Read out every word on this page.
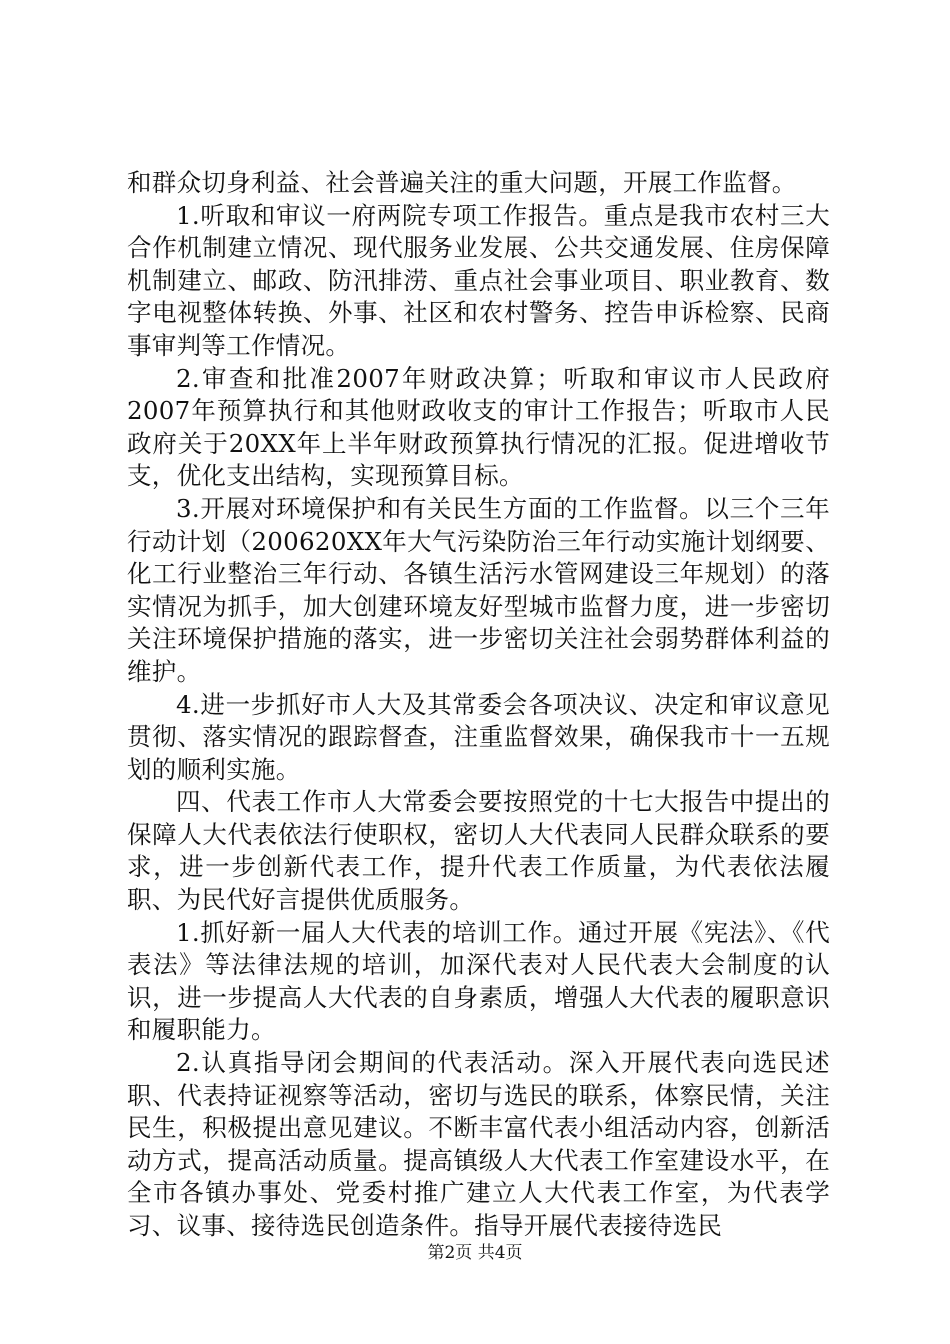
和群众切身利益、社会普遍关注的重大问题，开展工作监督。

1.听取和审议一府两院专项工作报告。重点是我市农村三大合作机制建立情况、现代服务业发展、公共交通发展、住房保障机制建立、邮政、防汛排涝、重点社会事业项目、职业教育、数字电视整体转换、外事、社区和农村警务、控告申诉检察、民商事审判等工作情况。

2.审查和批准2007年财政决算；听取和审议市人民政府2007年预算执行和其他财政收支的审计工作报告；听取市人民政府关于20XX年上半年财政预算执行情况的汇报。促进增收节支，优化支出结构，实现预算目标。

3.开展对环境保护和有关民生方面的工作监督。以三个三年行动计划（200620XX年大气污染防治三年行动实施计划纲要、化工行业整治三年行动、各镇生活污水管网建设三年规划）的落实情况为抓手，加大创建环境友好型城市监督力度，进一步密切关注环境保护措施的落实，进一步密切关注社会弱势群体利益的维护。

4.进一步抓好市人大及其常委会各项决议、决定和审议意见贯彻、落实情况的跟踪督查，注重监督效果，确保我市十一五规划的顺利实施。

四、代表工作市人大常委会要按照党的十七大报告中提出的保障人大代表依法行使职权，密切人大代表同人民群众联系的要求，进一步创新代表工作，提升代表工作质量，为代表依法履职、为民代好言提供优质服务。

1.抓好新一届人大代表的培训工作。通过开展《宪法》、《代表法》等法律法规的培训，加深代表对人民代表大会制度的认识，进一步提高人大代表的自身素质，增强人大代表的履职意识和履职能力。

2.认真指导闭会期间的代表活动。深入开展代表向选民述职、代表持证视察等活动，密切与选民的联系，体察民情，关注民生，积极提出意见建议。不断丰富代表小组活动内容，创新活动方式，提高活动质量。提高镇级人大代表工作室建设水平，在全市各镇办事处、党委村推广建立人大代表工作室，为代表学习、议事、接待选民创造条件。指导开展代表接待选民

第2页 共4页
